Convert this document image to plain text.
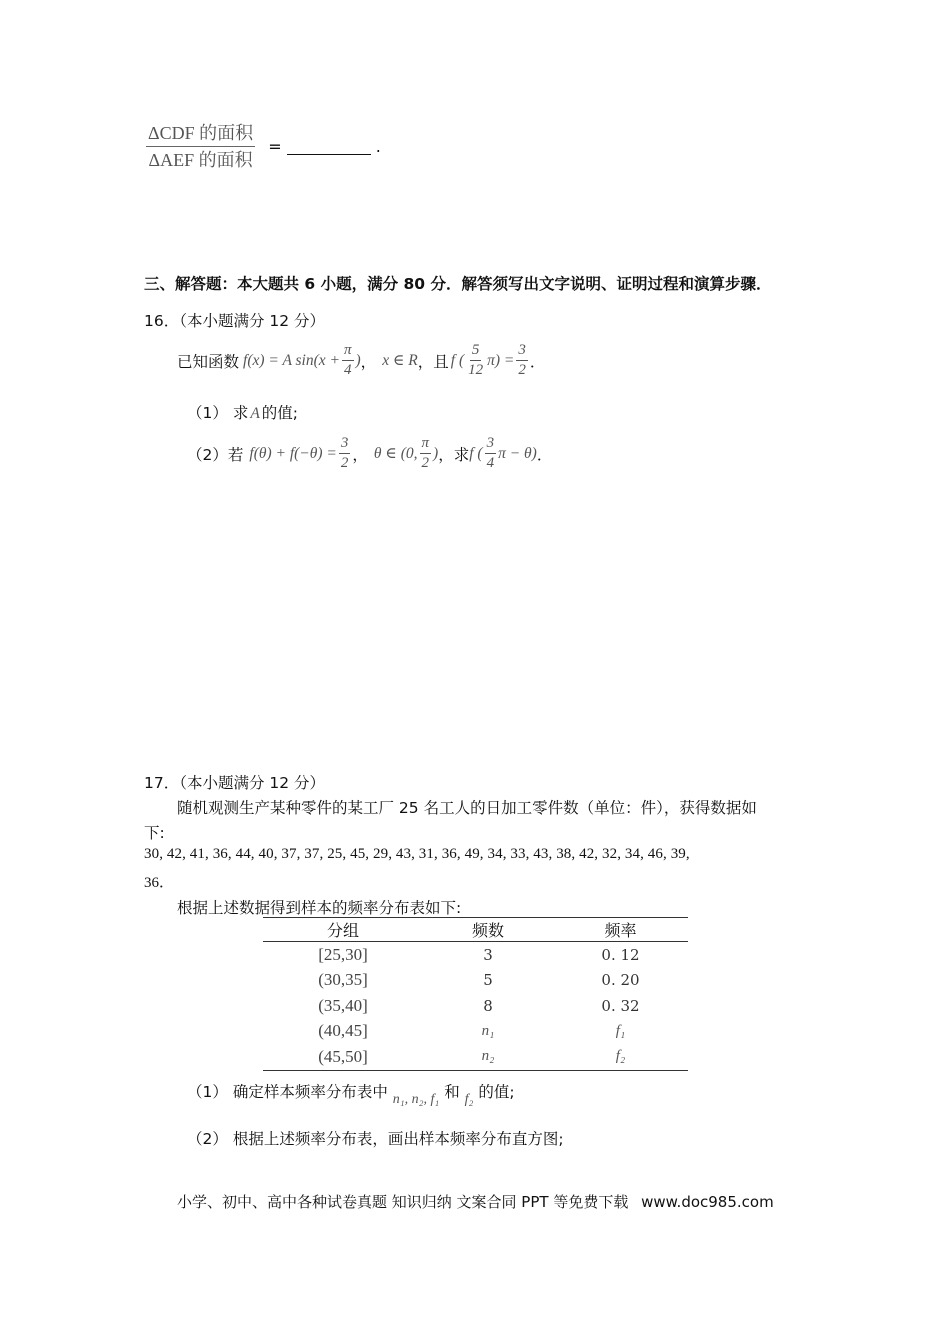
$\frac{\text{ΔCDF 的面积}}{\text{ΔAEF 的面积}}$ =	.
三、解答题：本大题共 6 小题，满分 80 分．解答须写出文字说明、证明过程和演算步骤．
16．（本小题满分 12 分）
已知函数 f(x) = A $\sin(x + \frac{\pi}{4}$ ) ， x ∈ R ，且 f ( $\frac{5}{12} \pi) = \frac{3}{2}$ ．
（1） 求 A 的值;
（2） 若 $f(\theta) + f(-\theta) = \frac{3}{2}$ ， θ ∈ (0, $\frac{\pi}{2}$ ) ，求 f ( $\frac{3}{4}$ π − θ) ．
17．（本小题满分 12 分）
随机观测生产某种零件的某工厂 25 名工人的日加工零件数（单位：件），获得数据如
下:
30, 42, 41, 36, 44, 40, 37, 37, 25, 45, 29, 43, 31, 36, 49, 34, 33, 43, 38, 42, 32, 34, 46, 39,
36．
根据上述数据得到样本的频率分布表如下:
分组	频数	频率
[25,30]	3	0. 12
(30,35]	5	0. 20
(35,40]	8	0. 32
(40,45]	n₁	f₁
(45,50]	n₂	f₂
（1） 确定样本频率分布表中 n₁, n₂, f₁ 和 f₂ 的值;
（2） 根据上述频率分布表，画出样本频率分布直方图;
小学、初中、高中各种试卷真题 知识归纳 文案合同 PPT 等免费下载 www.doc985.com
